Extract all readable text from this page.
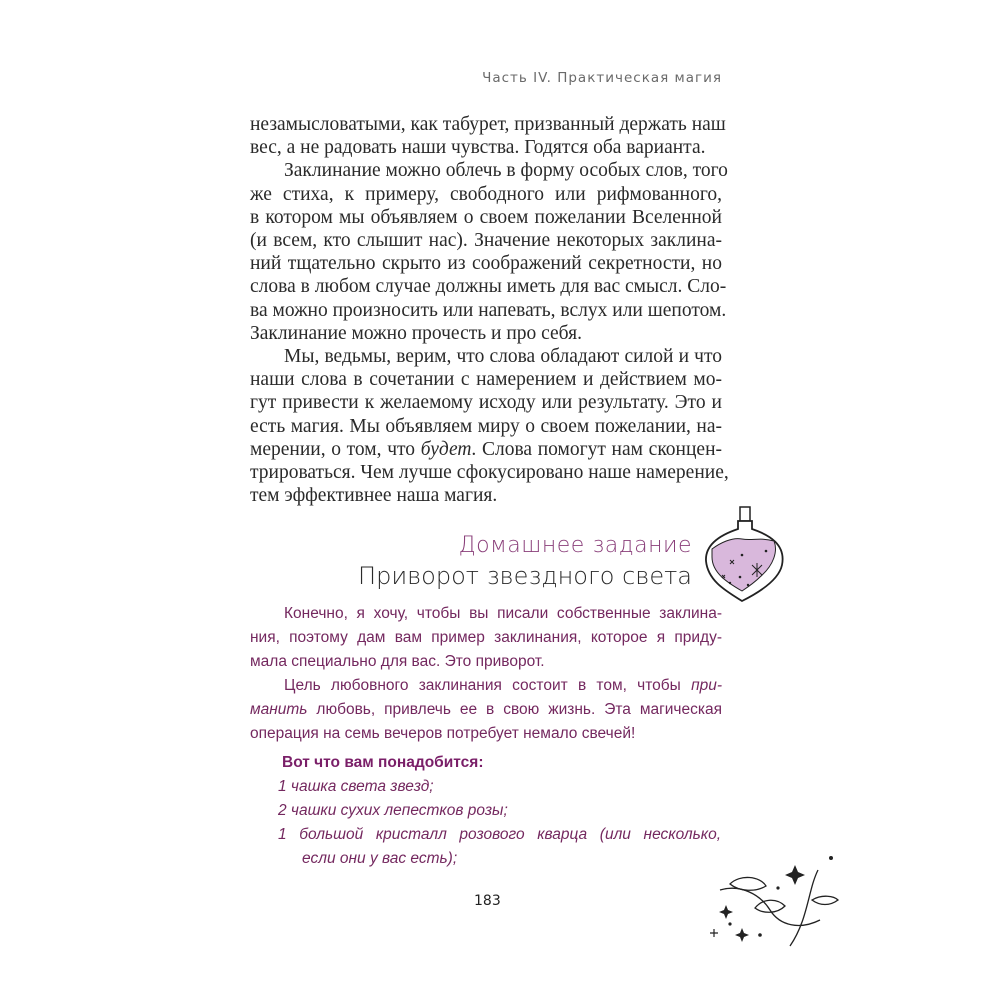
Часть IV. Практическая магия
незамысловатыми, как табурет, призванный держать наш
вес, а не радовать наши чувства. Годятся оба варианта.
Заклинание можно облечь в форму особых слов, того
же стиха, к примеру, свободного или рифмованного,
в котором мы объявляем о своем пожелании Вселенной
(и всем, кто слышит нас). Значение некоторых заклина-
ний тщательно скрыто из соображений секретности, но
слова в любом случае должны иметь для вас смысл. Сло-
ва можно произносить или напевать, вслух или шепотом.
Заклинание можно прочесть и про себя.
Мы, ведьмы, верим, что слова обладают силой и что
наши слова в сочетании с намерением и действием мо-
гут привести к желаемому исходу или результату. Это и
есть магия. Мы объявляем миру о своем пожелании, на-
мерении, о том, что будет. Слова помогут нам сконцен-
трироваться. Чем лучше сфокусировано наше намерение,
тем эффективнее наша магия.
Домашнее задание
Приворот звездного света
Конечно, я хочу, чтобы вы писали собственные заклина-
ния, поэтому дам вам пример заклинания, которое я приду-
мала специально для вас. Это приворот.
Цель любовного заклинания состоит в том, чтобы при-
манить любовь, привлечь ее в свою жизнь. Эта магическая
операция на семь вечеров потребует немало свечей!
Вот что вам понадобится:
1 чашка света звезд;
2 чашки сухих лепестков розы;
1 большой кристалл розового кварца (или несколько,
если они у вас есть);
183
